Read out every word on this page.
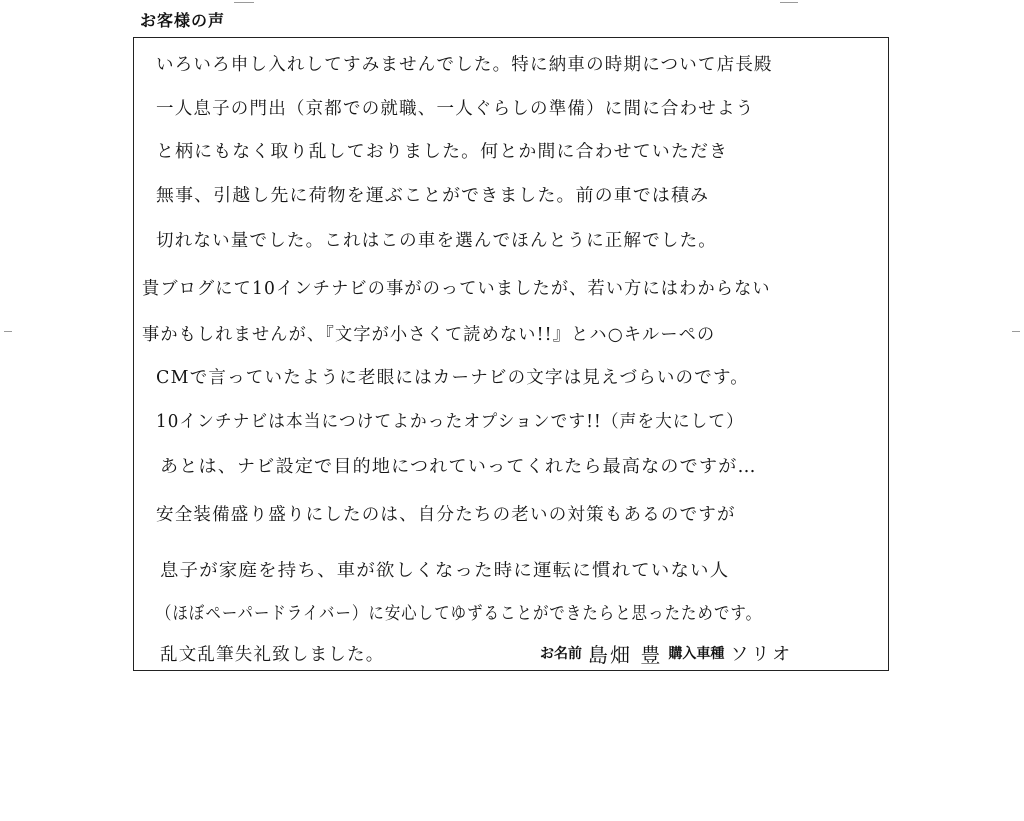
お客様の声
いろいろ申し入れしてすみませんでした。特に納車の時期について店長殿
一人息子の門出（京都での就職、一人ぐらしの準備）に間に合わせよう
と柄にもなく取り乱しておりました。何とか間に合わせていただき
無事、引越し先に荷物を運ぶことができました。前の車では積み
切れない量でした。これはこの車を選んでほんとうに正解でした。
貴ブログにて10インチナビの事がのっていましたが、若い方にはわからない
事かもしれませんが、『文字が小さくて読めない!!』とハ○キルーペの
CMで言っていたように老眼にはカーナビの文字は見えづらいのです。
10インチナビは本当につけてよかったオプションです!!（声を大にして）
あとは、ナビ設定で目的地につれていってくれたら最高なのですが…
安全装備盛り盛りにしたのは、自分たちの老いの対策もあるのですが
息子が家庭を持ち、車が欲しくなった時に運転に慣れていない人
（ほぼペーパードライバー）に安心してゆずることができたらと思ったためです。
乱文乱筆失礼致しました。	お名前 島畑 豊 購入車種 ソリオ
